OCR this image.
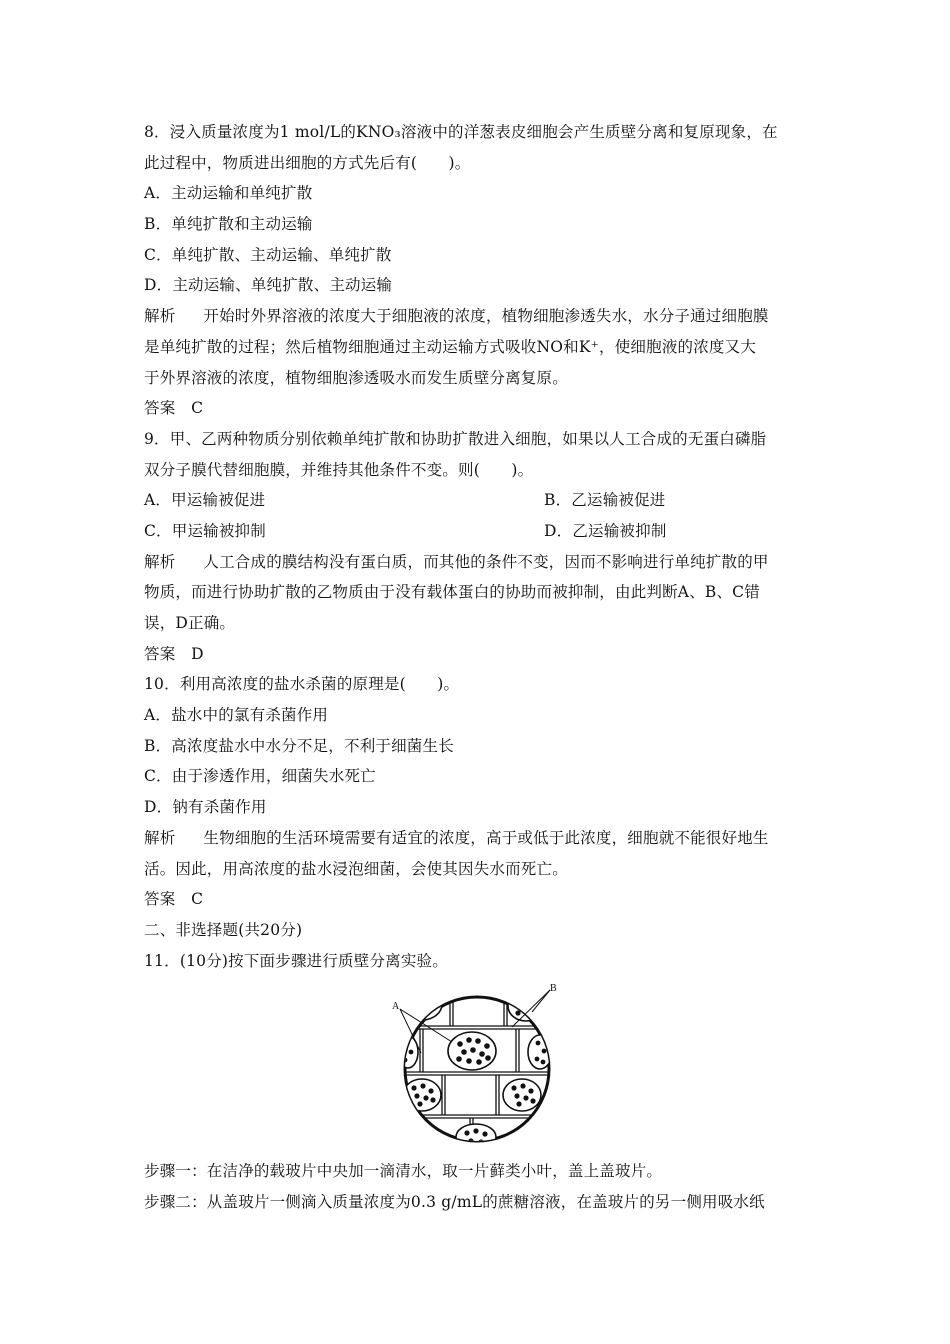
8．浸入质量浓度为1 mol/L的KNO₃溶液中的洋葱表皮细胞会产生质壁分离和复原现象，在
此过程中，物质进出细胞的方式先后有(　　)。
A．主动运输和单纯扩散
B．单纯扩散和主动运输
C．单纯扩散、主动运输、单纯扩散
D．主动运输、单纯扩散、主动运输
解析 开始时外界溶液的浓度大于细胞液的浓度，植物细胞渗透失水，水分子通过细胞膜
是单纯扩散的过程；然后植物细胞通过主动运输方式吸收NO和K⁺，使细胞液的浓度又大
于外界溶液的浓度，植物细胞渗透吸水而发生质壁分离复原。
答案　C
9．甲、乙两种物质分别依赖单纯扩散和协助扩散进入细胞，如果以人工合成的无蛋白磷脂
双分子膜代替细胞膜，并维持其他条件不变。则(　　)。
A．甲运输被促进	B．乙运输被促进
C．甲运输被抑制	D．乙运输被抑制
解析 人工合成的膜结构没有蛋白质，而其他的条件不变，因而不影响进行单纯扩散的甲
物质，而进行协助扩散的乙物质由于没有载体蛋白的协助而被抑制，由此判断A、B、C错
误，D正确。
答案　D
10．利用高浓度的盐水杀菌的原理是(　　)。
A．盐水中的氯有杀菌作用
B．高浓度盐水中水分不足，不利于细菌生长
C．由于渗透作用，细菌失水死亡
D．钠有杀菌作用
解析 生物细胞的生活环境需要有适宜的浓度，高于或低于此浓度，细胞就不能很好地生
活。因此，用高浓度的盐水浸泡细菌，会使其因失水而死亡。
答案　C
二、非选择题(共20分)
11．(10分)按下面步骤进行质壁分离实验。
A
B
步骤一：在洁净的载玻片中央加一滴清水，取一片藓类小叶，盖上盖玻片。
步骤二：从盖玻片一侧滴入质量浓度为0.3 g/mL的蔗糖溶液，在盖玻片的另一侧用吸水纸
